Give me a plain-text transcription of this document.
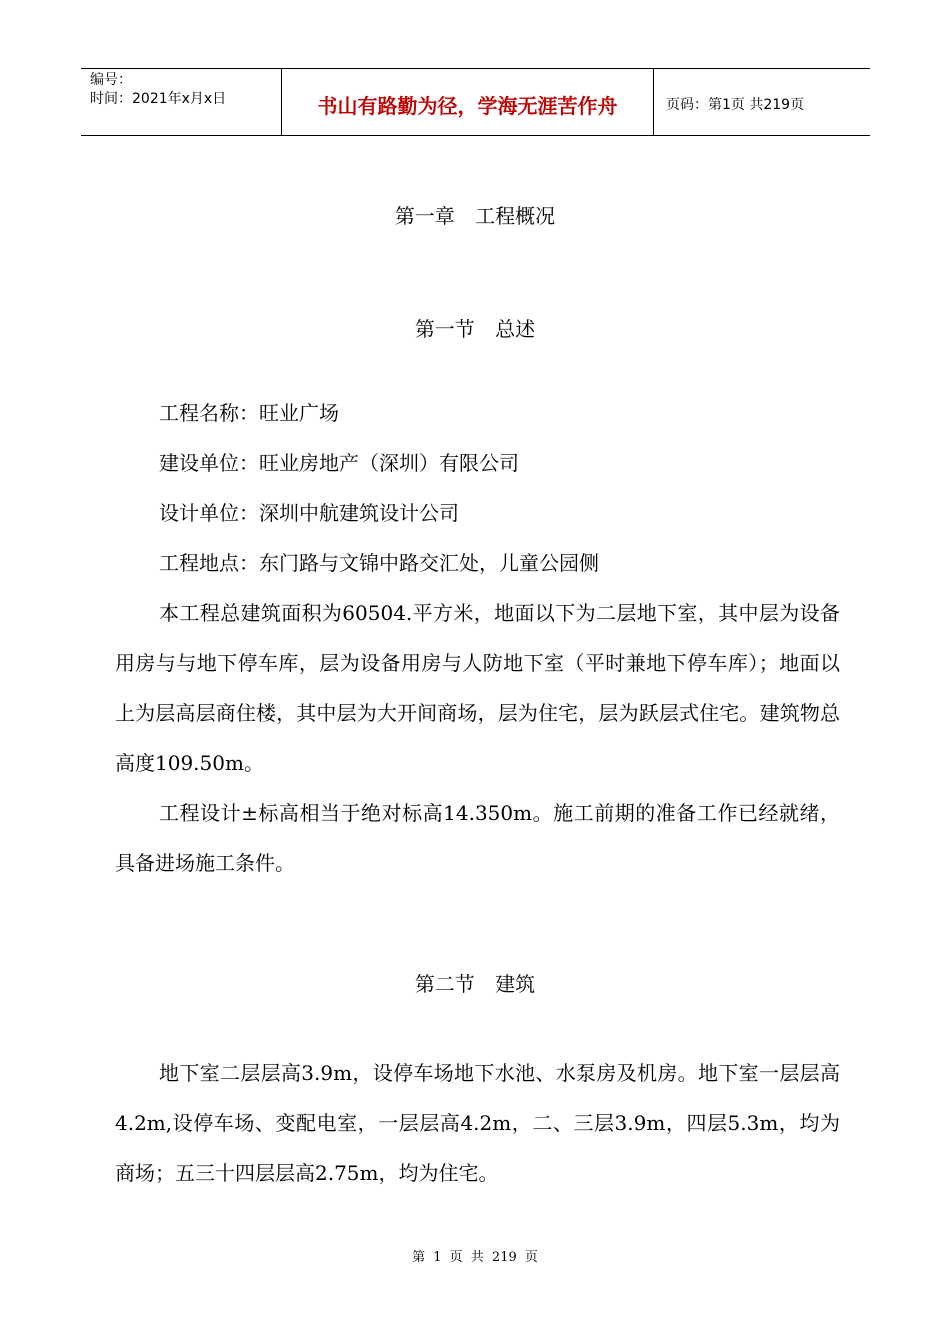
编号：
时间：2021年x月x日	书山有路勤为径，学海无涯苦作舟	页码：第1页 共219页
第一章 工程概况
第一节 总述

工程名称：旺业广场

建设单位：旺业房地产（深圳）有限公司

设计单位：深圳中航建筑设计公司

工程地点：东门路与文锦中路交汇处，儿童公园侧

本工程总建筑面积为60504.平方米，地面以下为二层地下室，其中层为设备用房与与地下停车库，层为设备用房与人防地下室（平时兼地下停车库）；地面以上为层高层商住楼，其中层为大开间商场，层为住宅，层为跃层式住宅。建筑物总高度109.50m。

工程设计±标高相当于绝对标高14.350m。施工前期的准备工作已经就绪，具备进场施工条件。

第二节 建筑

地下室二层层高3.9m，设停车场地下水池、水泵房及机房。地下室一层层高4.2m,设停车场、变配电室，一层层高4.2m，二、三层3.9m，四层5.3m，均为商场；五三十四层层高2.75m，均为住宅。

第 1 页 共 219 页
